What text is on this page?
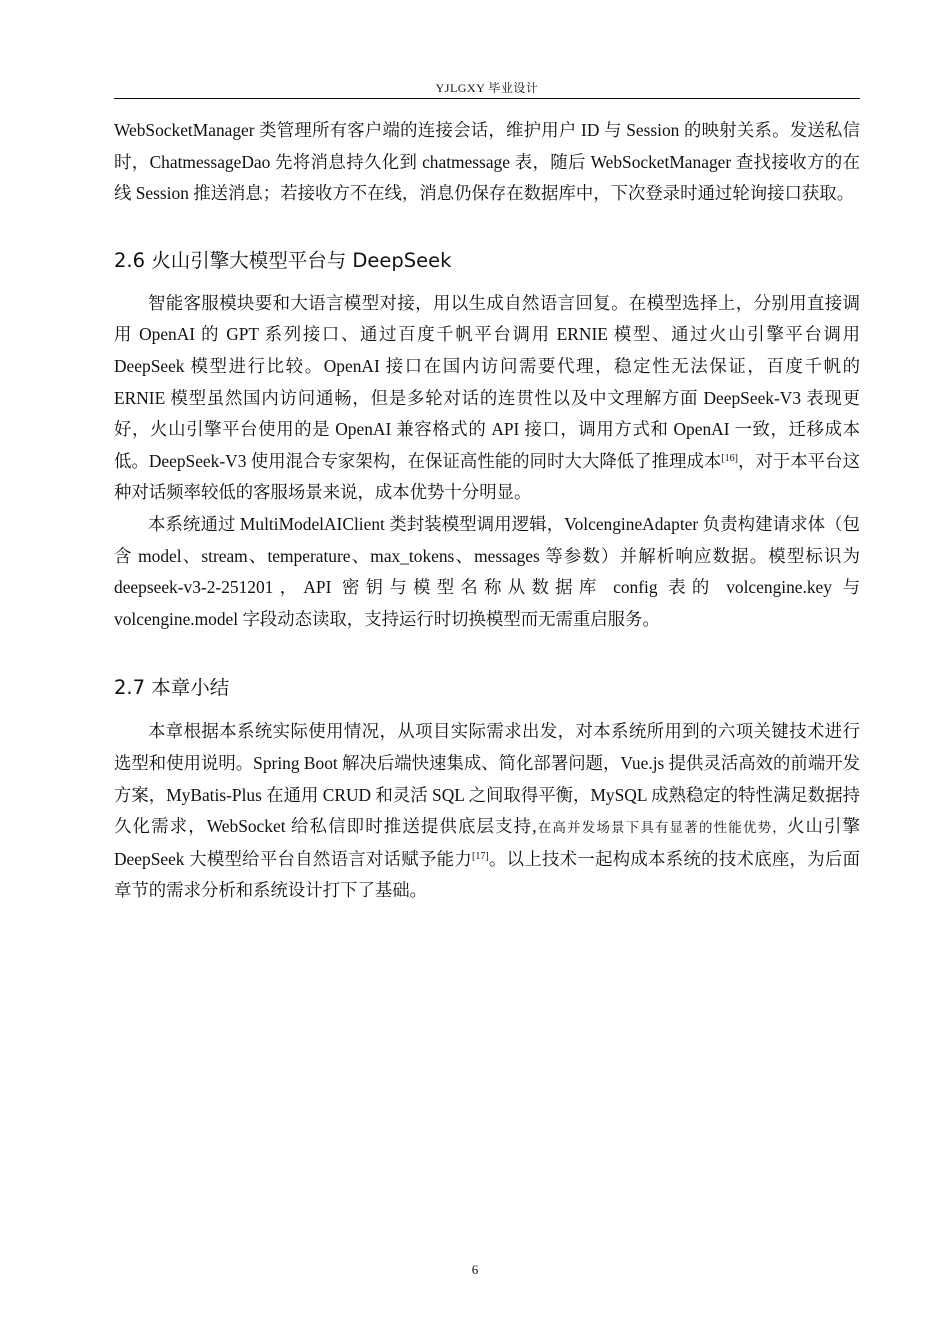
YJLGXY 毕业设计

WebSocketManager 类管理所有客户端的连接会话，维护用户 ID 与 Session 的映射关系。发送私信时，ChatmessageDao 先将消息持久化到 chatmessage 表，随后 WebSocketManager 查找接收方的在线 Session 推送消息；若接收方不在线，消息仍保存在数据库中，下次登录时通过轮询接口获取。

2.6 火山引擎大模型平台与 DeepSeek

智能客服模块要和大语言模型对接，用以生成自然语言回复。在模型选择上，分别用直接调用 OpenAI 的 GPT 系列接口、通过百度千帆平台调用 ERNIE 模型、通过火山引擎平台调用 DeepSeek 模型进行比较。OpenAI 接口在国内访问需要代理，稳定性无法保证，百度千帆的 ERNIE 模型虽然国内访问通畅，但是多轮对话的连贯性以及中文理解方面 DeepSeek-V3 表现更好，火山引擎平台使用的是 OpenAI 兼容格式的 API 接口，调用方式和 OpenAI 一致，迁移成本低。DeepSeek-V3 使用混合专家架构，在保证高性能的同时大大降低了推理成本[16]，对于本平台这种对话频率较低的客服场景来说，成本优势十分明显。

本系统通过 MultiModelAIClient 类封装模型调用逻辑，VolcengineAdapter 负责构建请求体（包含 model、stream、temperature、max_tokens、messages 等参数）并解析响应数据。模型标识为 deepseek-v3-2-251201，API 密钥与模型名称从数据库 config 表的 volcengine.key 与 volcengine.model 字段动态读取，支持运行时切换模型而无需重启服务。

2.7 本章小结

本章根据本系统实际使用情况，从项目实际需求出发，对本系统所用到的六项关键技术进行选型和使用说明。Spring Boot 解决后端快速集成、简化部署问题，Vue.js 提供灵活高效的前端开发方案，MyBatis-Plus 在通用 CRUD 和灵活 SQL 之间取得平衡，MySQL 成熟稳定的特性满足数据持久化需求，WebSocket 给私信即时推送提供底层支持,在高并发场景下具有显著的性能优势，火山引擎 DeepSeek 大模型给平台自然语言对话赋予能力[17]。以上技术一起构成本系统的技术底座，为后面章节的需求分析和系统设计打下了基础。

6
